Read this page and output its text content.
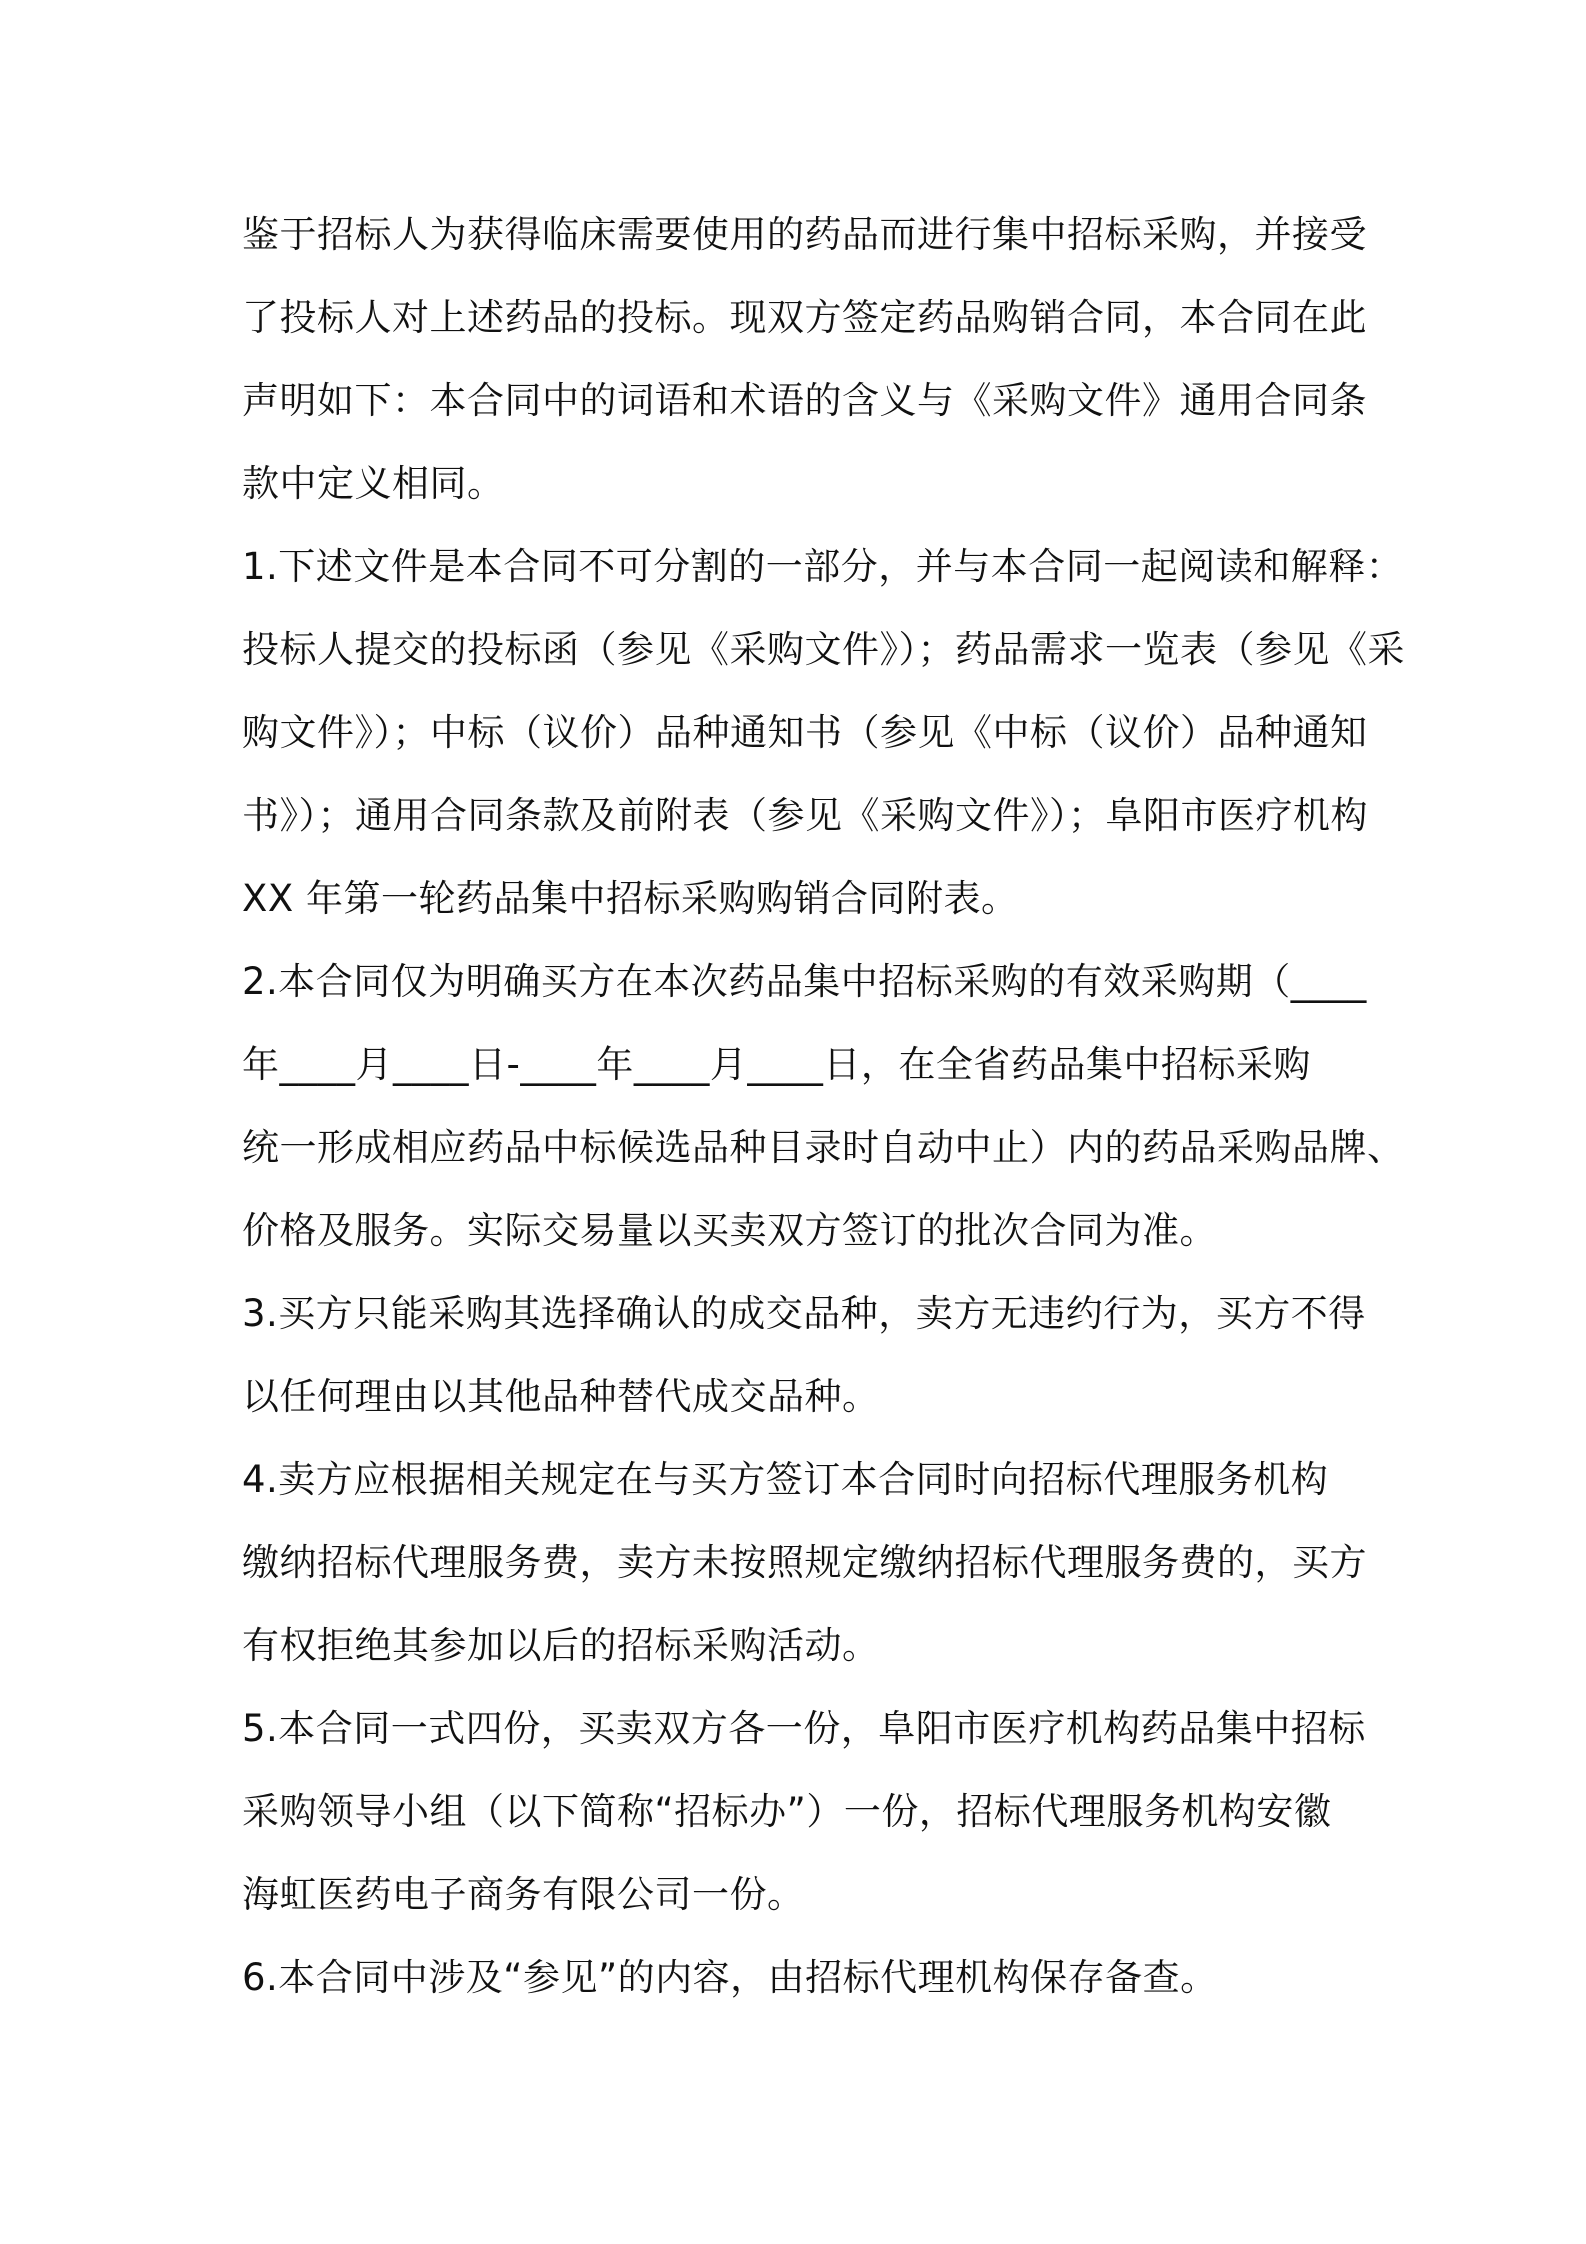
鉴于招标人为获得临床需要使用的药品而进行集中招标采购，并接受
了投标人对上述药品的投标。现双方签定药品购销合同，本合同在此
声明如下：本合同中的词语和术语的含义与《采购文件》通用合同条
款中定义相同。
1.下述文件是本合同不可分割的一部分，并与本合同一起阅读和解释：
投标人提交的投标函（参见《采购文件》）；药品需求一览表（参见《采
购文件》）；中标（议价）品种通知书（参见《中标（议价）品种通知
书》）；通用合同条款及前附表（参见《采购文件》）；阜阳市医疗机构
XX 年第一轮药品集中招标采购购销合同附表。
2.本合同仅为明确买方在本次药品集中招标采购的有效采购期（____
年____月____日-____年____月____日，在全省药品集中招标采购
统一形成相应药品中标候选品种目录时自动中止）内的药品采购品牌、
价格及服务。实际交易量以买卖双方签订的批次合同为准。
3.买方只能采购其选择确认的成交品种，卖方无违约行为，买方不得
以任何理由以其他品种替代成交品种。
4.卖方应根据相关规定在与买方签订本合同时向招标代理服务机构
缴纳招标代理服务费，卖方未按照规定缴纳招标代理服务费的，买方
有权拒绝其参加以后的招标采购活动。
5.本合同一式四份，买卖双方各一份，阜阳市医疗机构药品集中招标
采购领导小组（以下简称“招标办”）一份，招标代理服务机构安徽
海虹医药电子商务有限公司一份。
6.本合同中涉及“参见”的内容，由招标代理机构保存备查。
